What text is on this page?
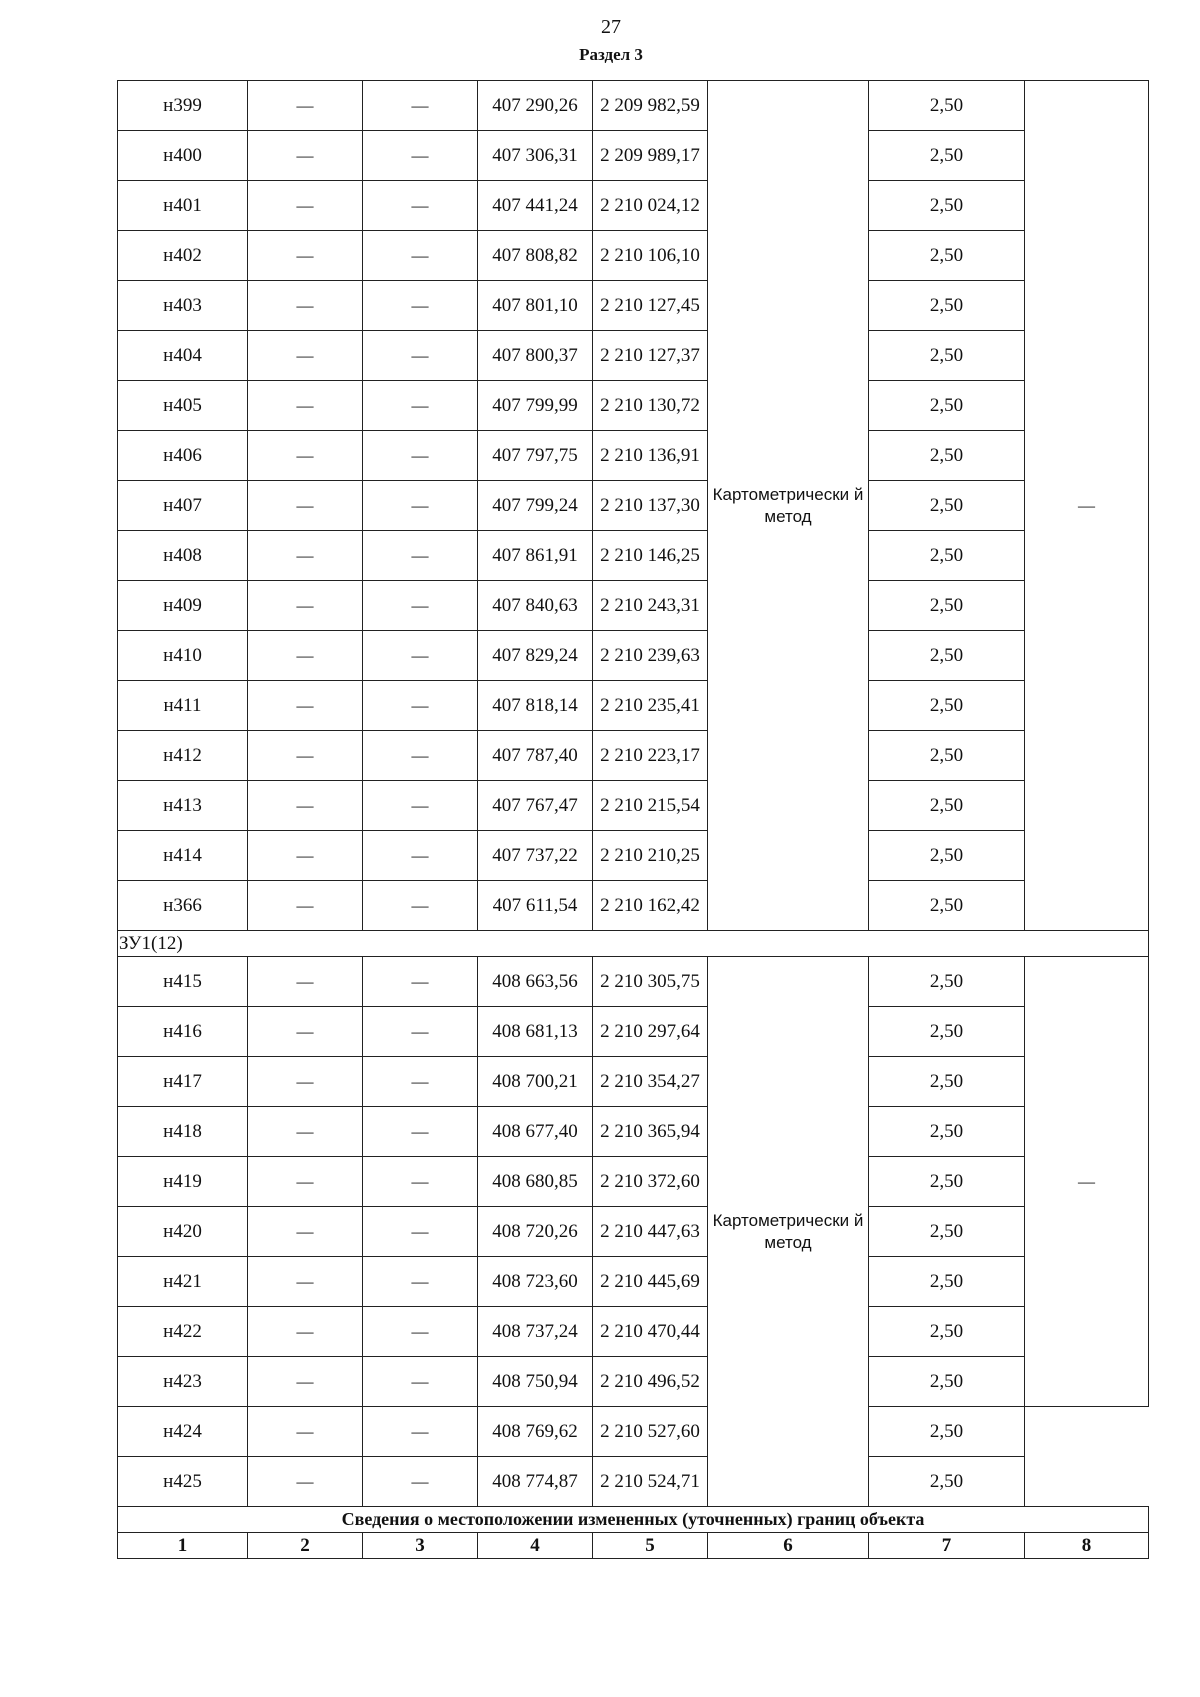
27
Раздел 3
н399	—	—	407 290,26	2 209 982,59	Картометрически й метод	2,50	—
н400	—	—	407 306,31	2 209 989,17		2,50	
н401	—	—	407 441,24	2 210 024,12		2,50	
н402	—	—	407 808,82	2 210 106,10		2,50	
н403	—	—	407 801,10	2 210 127,45		2,50	
н404	—	—	407 800,37	2 210 127,37		2,50	
н405	—	—	407 799,99	2 210 130,72		2,50	
н406	—	—	407 797,75	2 210 136,91		2,50	
н407	—	—	407 799,24	2 210 137,30		2,50	
н408	—	—	407 861,91	2 210 146,25		2,50	
н409	—	—	407 840,63	2 210 243,31		2,50	
н410	—	—	407 829,24	2 210 239,63		2,50	
н411	—	—	407 818,14	2 210 235,41		2,50	
н412	—	—	407 787,40	2 210 223,17		2,50	
н413	—	—	407 767,47	2 210 215,54		2,50	
н414	—	—	407 737,22	2 210 210,25		2,50	
н366	—	—	407 611,54	2 210 162,42		2,50	
ЗУ1(12)							
н415	—	—	408 663,56	2 210 305,75	Картометрически й метод	2,50	—
н416	—	—	408 681,13	2 210 297,64		2,50	
н417	—	—	408 700,21	2 210 354,27		2,50	
н418	—	—	408 677,40	2 210 365,94		2,50	
н419	—	—	408 680,85	2 210 372,60		2,50	
н420	—	—	408 720,26	2 210 447,63		2,50	
н421	—	—	408 723,60	2 210 445,69		2,50	
н422	—	—	408 737,24	2 210 470,44		2,50	
н423	—	—	408 750,94	2 210 496,52		2,50	
н424	—	—	408 769,62	2 210 527,60		2,50	
н425	—	—	408 774,87	2 210 524,71		2,50	
Сведения о местоположении измененных (уточненных) границ объекта							
1	2	3	4	5	6	7	8
